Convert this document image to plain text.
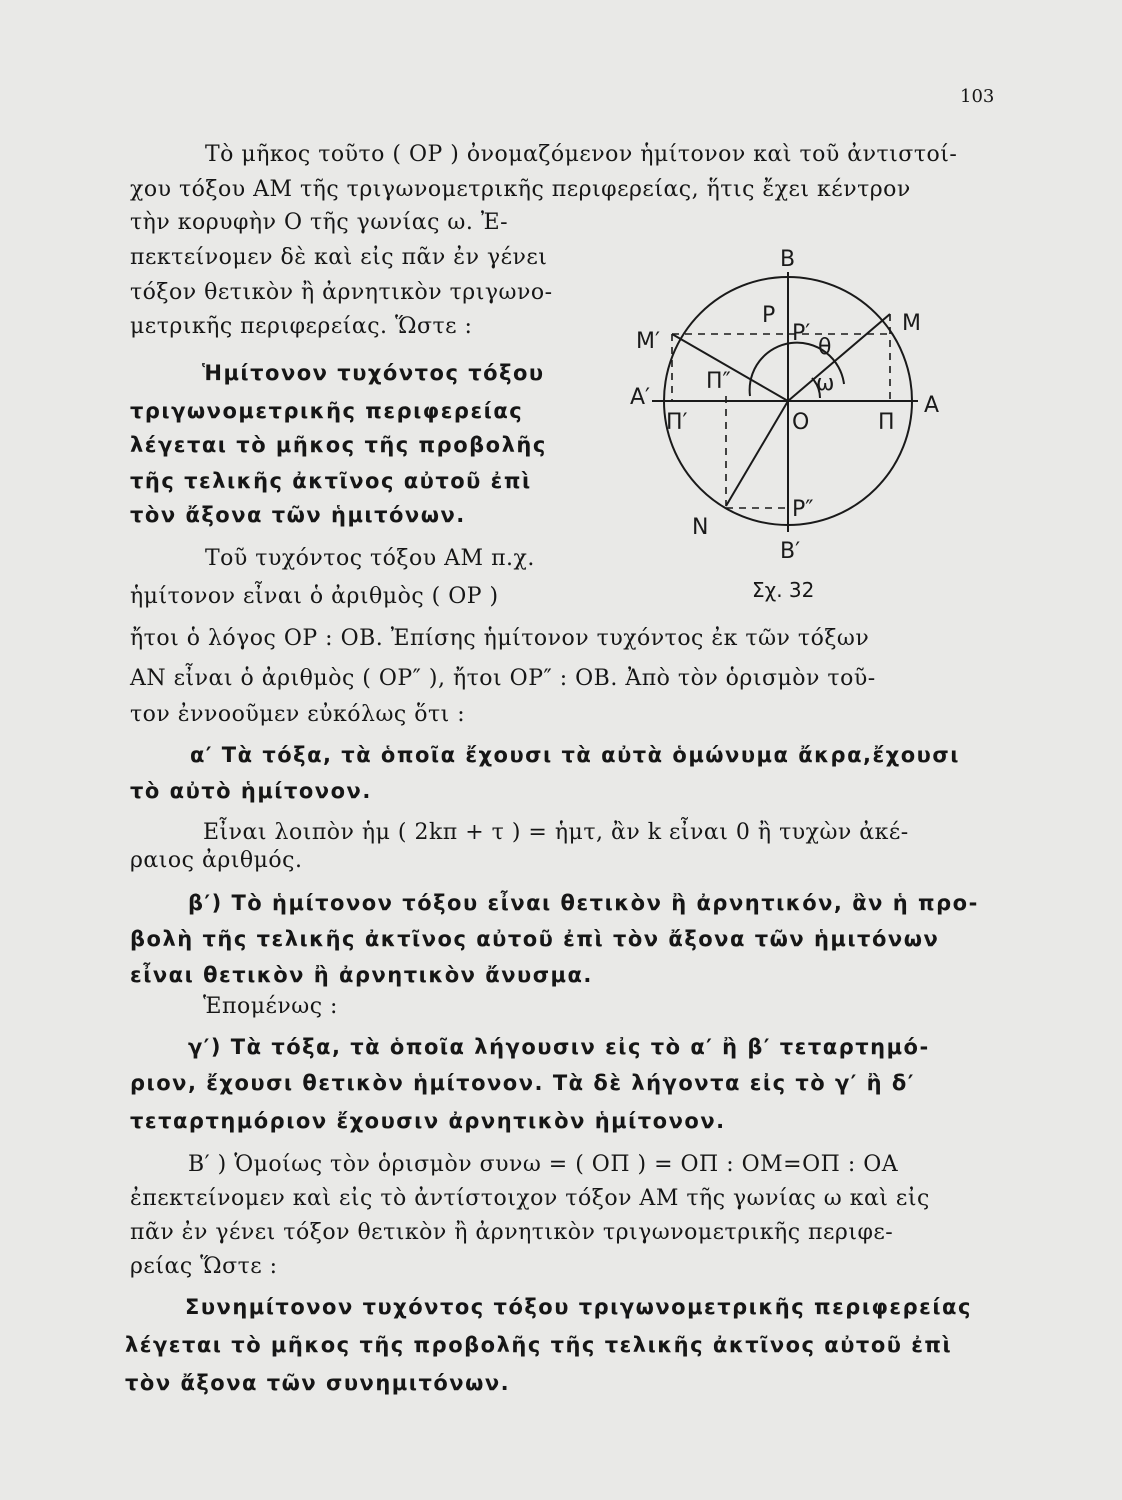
103
Τὸ μῆκος τοῦτο ( OP ) ὀνομαζόμενον ἡμίτονον καὶ τοῦ ἀντιστοί-
χου τόξου AM τῆς τριγωνομετρικῆς περιφερείας, ἥτις ἔχει κέντρον
τὴν κορυφὴν O τῆς γωνίας ω. Ἐ-
πεκτείνομεν δὲ καὶ εἰς πᾶν ἐν γένει
τόξον θετικὸν ἢ ἀρνητικὸν τριγωνο-
μετρικῆς περιφερείας. Ὥστε :
Ἡμίτονον τυχόντος τόξου
τριγωνομετρικῆς περιφερείας
λέγεται τὸ μῆκος τῆς προβολῆς
τῆς τελικῆς ἀκτῖνος αὐτοῦ ἐπὶ
τὸν ἄξονα τῶν ἡμιτόνων.
Τοῦ τυχόντος τόξου AM π.χ.
ἡμίτονον εἶναι ὁ ἀριθμὸς ( OP )
ἤτοι ὁ λόγος OP : OB. Ἐπίσης ἡμίτονον τυχόντος ἐκ τῶν τόξων
AN εἶναι ὁ ἀριθμὸς ( OP″ ), ἤτοι OP″ : OB. Ἀπὸ τὸν ὁρισμὸν τοῦ-
τον ἐννοοῦμεν εὐκόλως ὅτι :
α′ Τὰ τόξα, τὰ ὁποῖα ἔχουσι τὰ αὐτὰ ὁμώνυμα ἄκρα,ἔχουσι
τὸ αὐτὸ ἡμίτονον.
Εἶναι λοιπὸν ἡμ ( 2kπ + τ ) = ἡμτ, ἂν k εἶναι 0 ἢ τυχὼν ἀκέ-
ραιος ἀριθμός.
β′) Τὸ ἡμίτονον τόξου εἶναι θετικὸν ἢ ἀρνητικόν, ἂν ἡ προ-
βολὴ τῆς τελικῆς ἀκτῖνος αὐτοῦ ἐπὶ τὸν ἄξονα τῶν ἡμιτόνων
εἶναι θετικὸν ἢ ἀρνητικὸν ἄνυσμα.
Ἑπομένως :
γ′) Τὰ τόξα, τὰ ὁποῖα λήγουσιν εἰς τὸ α′ ἢ β′ τεταρτημό-
ριον, ἔχουσι θετικὸν ἡμίτονον. Τὰ δὲ λήγοντα εἰς τὸ γ′ ἢ δ′
τεταρτημόριον ἔχουσιν ἀρνητικὸν ἡμίτονον.
B′ ) Ὁμοίως τὸν ὁρισμὸν συνω = ( OΠ ) = OΠ : OM=OΠ : OA
ἐπεκτείνομεν καὶ εἰς τὸ ἀντίστοιχον τόξον AM τῆς γωνίας ω καὶ εἰς
πᾶν ἐν γένει τόξον θετικὸν ἢ ἀρνητικὸν τριγωνομετρικῆς περιφε-
ρείας Ὥστε :
Συνημίτονον τυχόντος τόξου τριγωνομετρικῆς περιφερείας
λέγεται τὸ μῆκος τῆς προβολῆς τῆς τελικῆς ἀκτῖνος αὐτοῦ ἐπὶ
τὸν ἄξονα τῶν συνημιτόνων.
B
B′
M
M′
A
A′
P
P′
P″
Π
Π′
Π″
O
N
θ
ω
Σχ. 32
